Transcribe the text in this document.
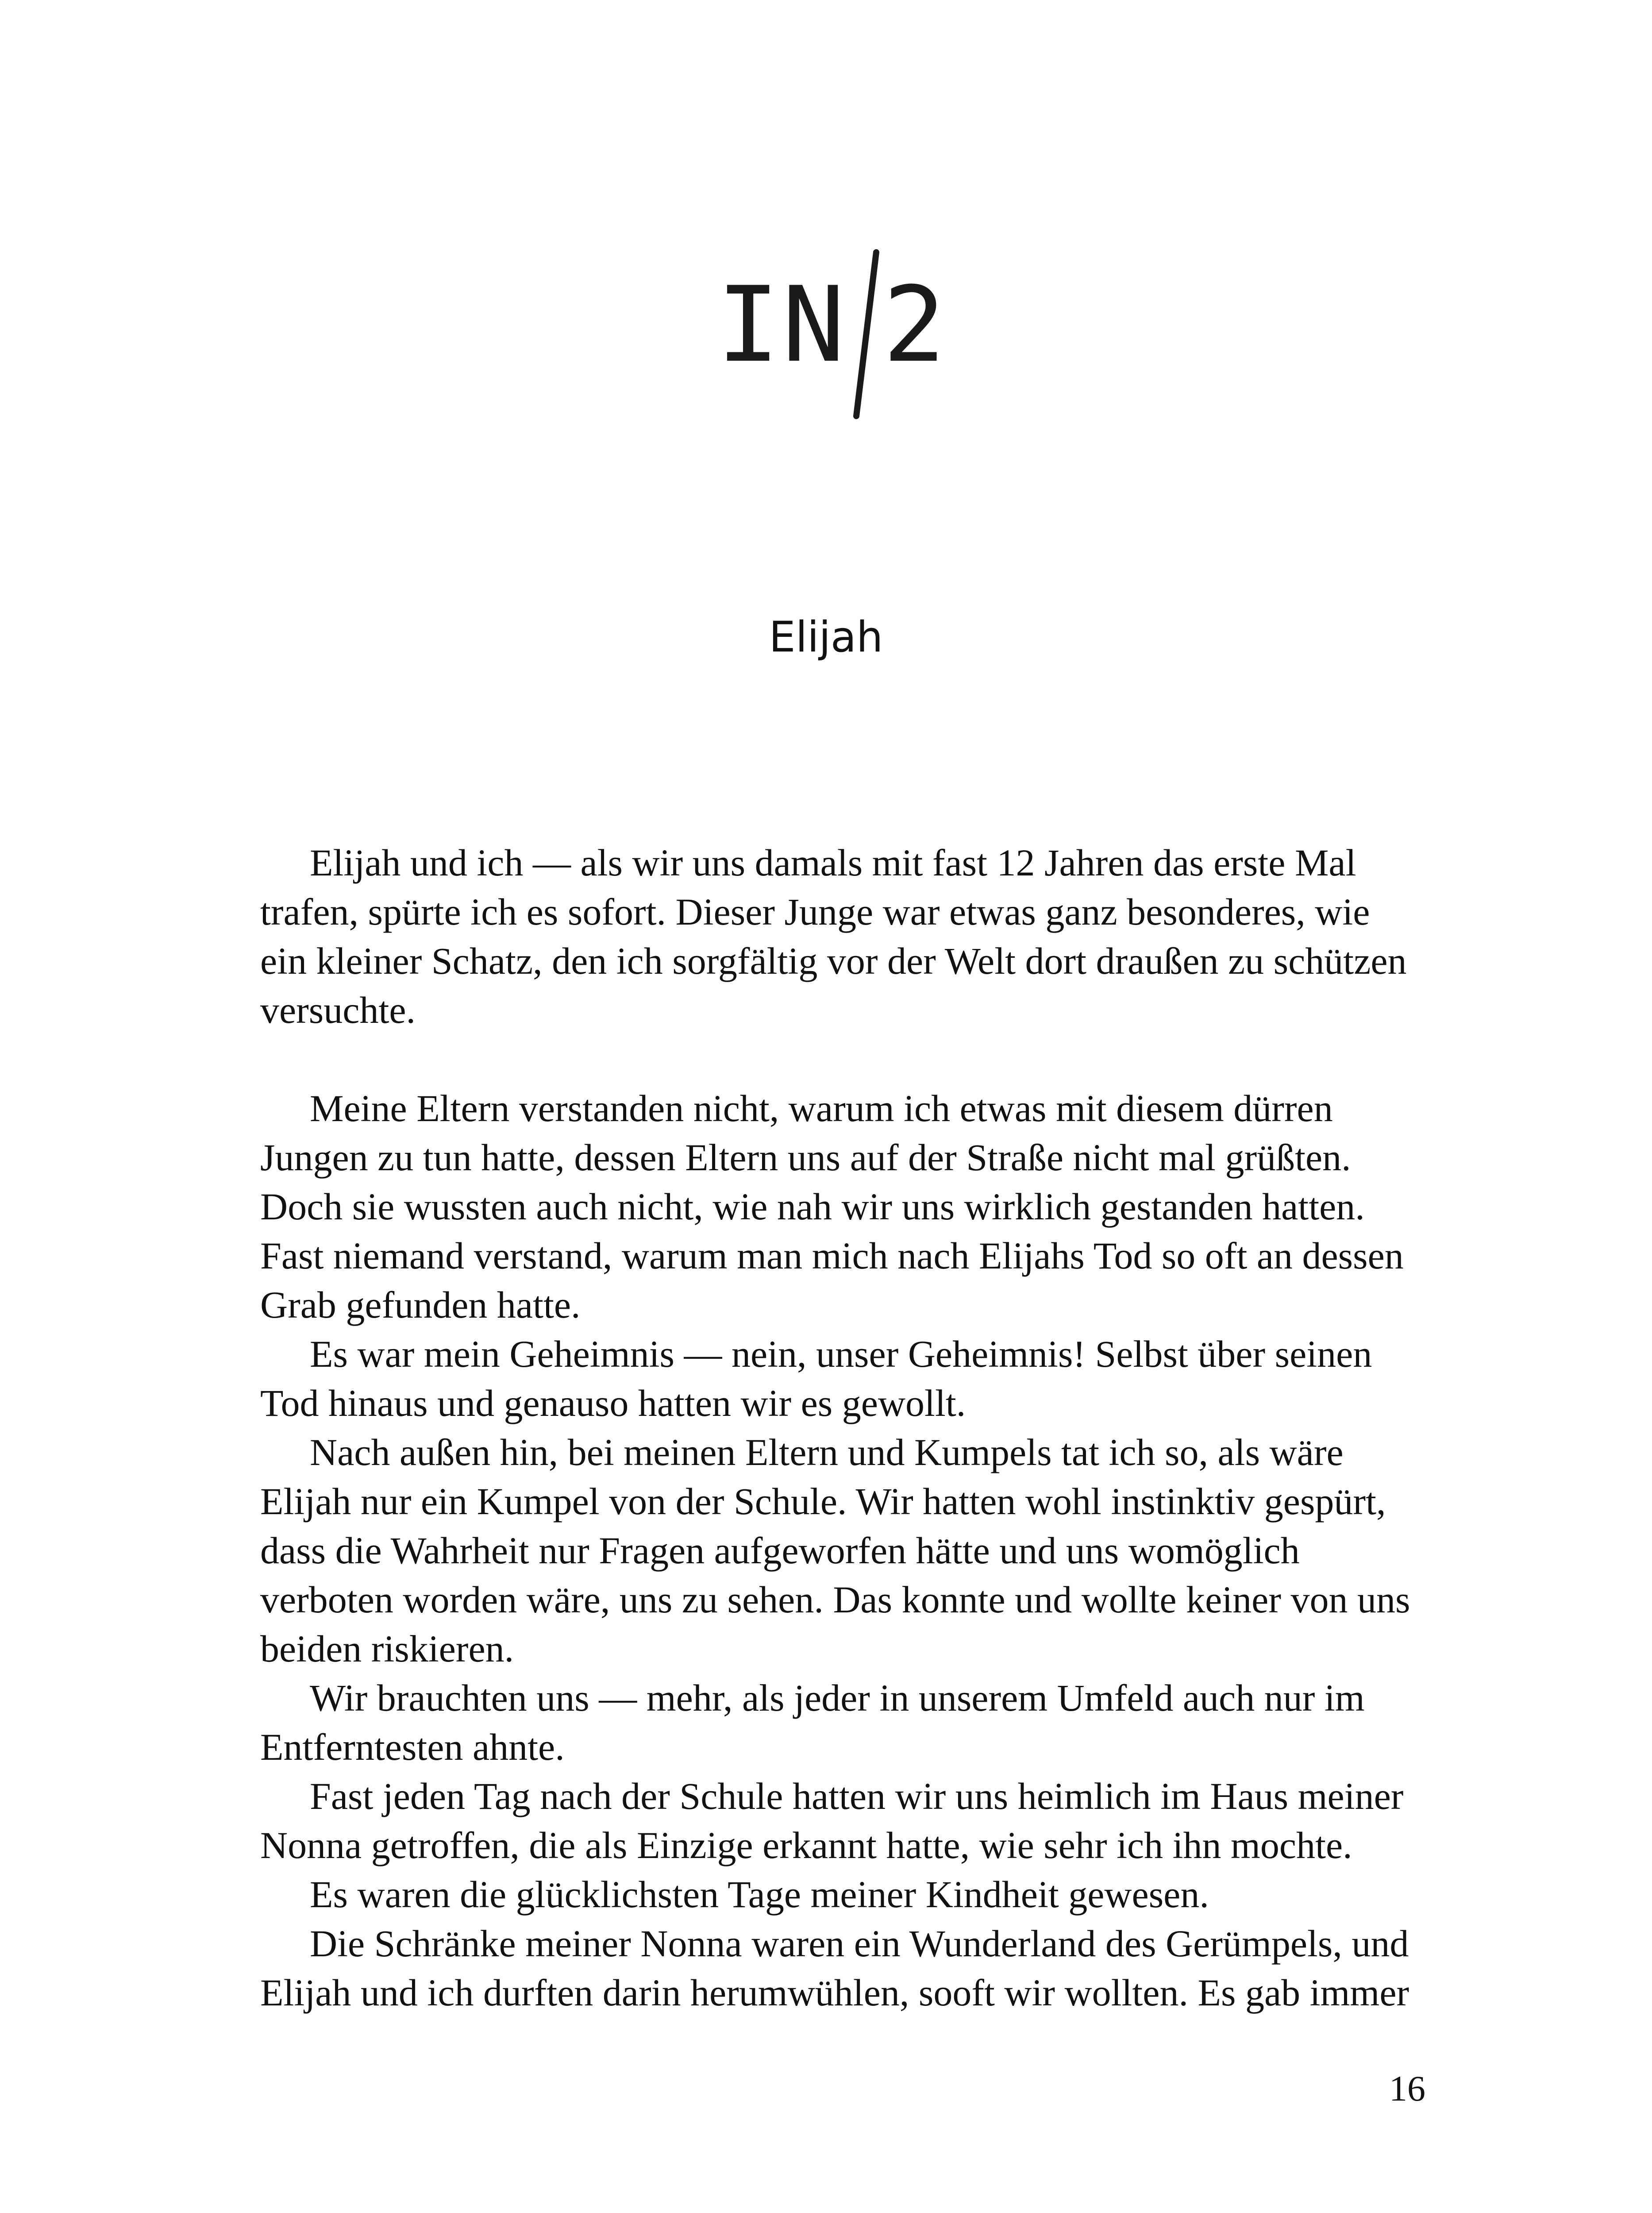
IN 2
Elijah

Elijah und ich — als wir uns damals mit fast 12 Jahren das erste Mal
trafen, spürte ich es sofort. Dieser Junge war etwas ganz besonderes, wie
ein kleiner Schatz, den ich sorgfältig vor der Welt dort draußen zu schützen
versuchte.

Meine Eltern verstanden nicht, warum ich etwas mit diesem dürren
Jungen zu tun hatte, dessen Eltern uns auf der Straße nicht mal grüßten.
Doch sie wussten auch nicht, wie nah wir uns wirklich gestanden hatten.
Fast niemand verstand, warum man mich nach Elijahs Tod so oft an dessen
Grab gefunden hatte.

Es war mein Geheimnis — nein, unser Geheimnis! Selbst über seinen
Tod hinaus und genauso hatten wir es gewollt.

Nach außen hin, bei meinen Eltern und Kumpels tat ich so, als wäre
Elijah nur ein Kumpel von der Schule. Wir hatten wohl instinktiv gespürt,
dass die Wahrheit nur Fragen aufgeworfen hätte und uns womöglich
verboten worden wäre, uns zu sehen. Das konnte und wollte keiner von uns
beiden riskieren.

Wir brauchten uns — mehr, als jeder in unserem Umfeld auch nur im
Entferntesten ahnte.

Fast jeden Tag nach der Schule hatten wir uns heimlich im Haus meiner
Nonna getroffen, die als Einzige erkannt hatte, wie sehr ich ihn mochte.

Es waren die glücklichsten Tage meiner Kindheit gewesen.

Die Schränke meiner Nonna waren ein Wunderland des Gerümpels, und
Elijah und ich durften darin herumwühlen, sooft wir wollten. Es gab immer

16
